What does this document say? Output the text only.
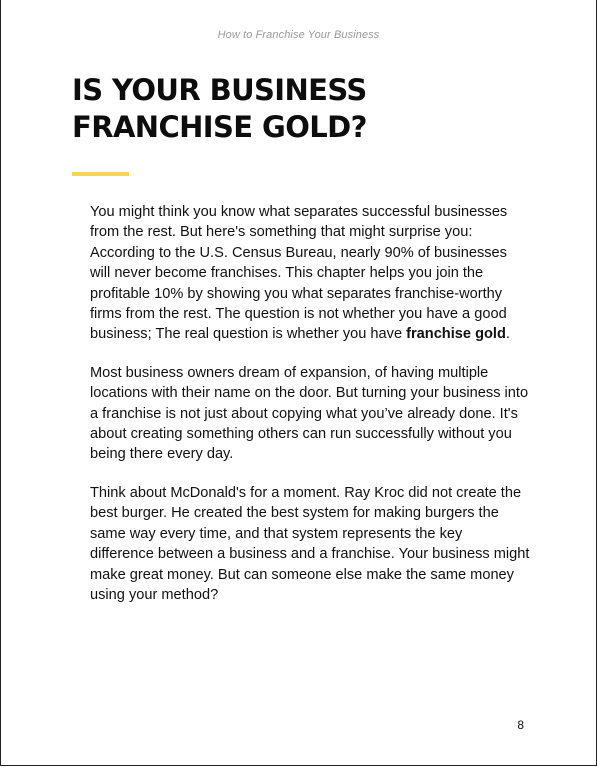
How to Franchise Your Business
IS YOUR BUSINESS FRANCHISE GOLD?

You might think you know what separates successful businesses from the rest. But here's something that might surprise you: According to the U.S. Census Bureau, nearly 90% of businesses will never become franchises. This chapter helps you join the profitable 10% by showing you what separates franchise-worthy firms from the rest. The question is not whether you have a good business; The real question is whether you have franchise gold.

Most business owners dream of expansion, of having multiple locations with their name on the door. But turning your business into a franchise is not just about copying what you’ve already done. It's about creating something others can run successfully without you being there every day.

Think about McDonald's for a moment. Ray Kroc did not create the best burger. He created the best system for making burgers the same way every time, and that system represents the key difference between a business and a franchise. Your business might make great money. But can someone else make the same money using your method?

8
